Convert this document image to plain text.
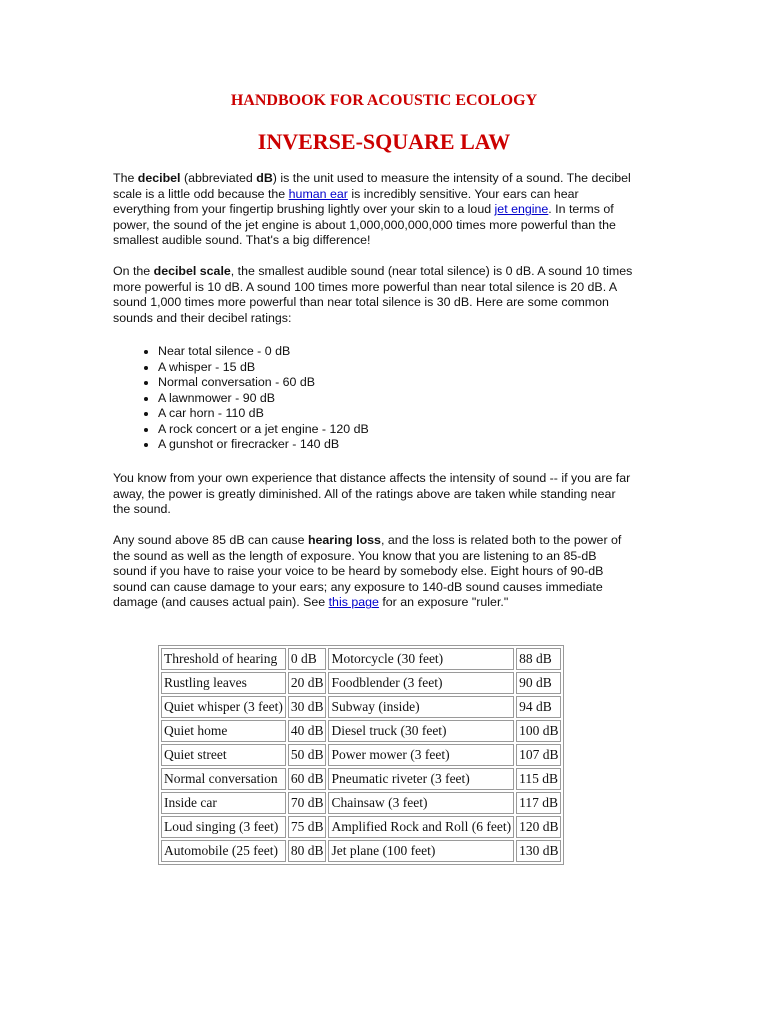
HANDBOOK FOR ACOUSTIC ECOLOGY
INVERSE-SQUARE LAW

The decibel (abbreviated dB) is the unit used to measure the intensity of a sound. The decibel scale is a little odd because the human ear is incredibly sensitive. Your ears can hear everything from your fingertip brushing lightly over your skin to a loud jet engine. In terms of power, the sound of the jet engine is about 1,000,000,000,000 times more powerful than the smallest audible sound. That's a big difference!

On the decibel scale, the smallest audible sound (near total silence) is 0 dB. A sound 10 times more powerful is 10 dB. A sound 100 times more powerful than near total silence is 20 dB. A sound 1,000 times more powerful than near total silence is 30 dB. Here are some common sounds and their decibel ratings:

• Near total silence - 0 dB
• A whisper - 15 dB
• Normal conversation - 60 dB
• A lawnmower - 90 dB
• A car horn - 110 dB
• A rock concert or a jet engine - 120 dB
• A gunshot or firecracker - 140 dB

You know from your own experience that distance affects the intensity of sound -- if you are far away, the power is greatly diminished. All of the ratings above are taken while standing near the sound.

Any sound above 85 dB can cause hearing loss, and the loss is related both to the power of the sound as well as the length of exposure. You know that you are listening to an 85-dB sound if you have to raise your voice to be heard by somebody else. Eight hours of 90-dB sound can cause damage to your ears; any exposure to 140-dB sound causes immediate damage (and causes actual pain). See this page for an exposure "ruler."

Threshold of hearing	0 dB	Motorcycle (30 feet)	88 dB
Rustling leaves	20 dB	Foodblender (3 feet)	90 dB
Quiet whisper (3 feet)	30 dB	Subway (inside)	94 dB
Quiet home	40 dB	Diesel truck (30 feet)	100 dB
Quiet street	50 dB	Power mower (3 feet)	107 dB
Normal conversation	60 dB	Pneumatic riveter (3 feet)	115 dB
Inside car	70 dB	Chainsaw (3 feet)	117 dB
Loud singing (3 feet)	75 dB	Amplified Rock and Roll (6 feet)	120 dB
Automobile (25 feet)	80 dB	Jet plane (100 feet)	130 dB
